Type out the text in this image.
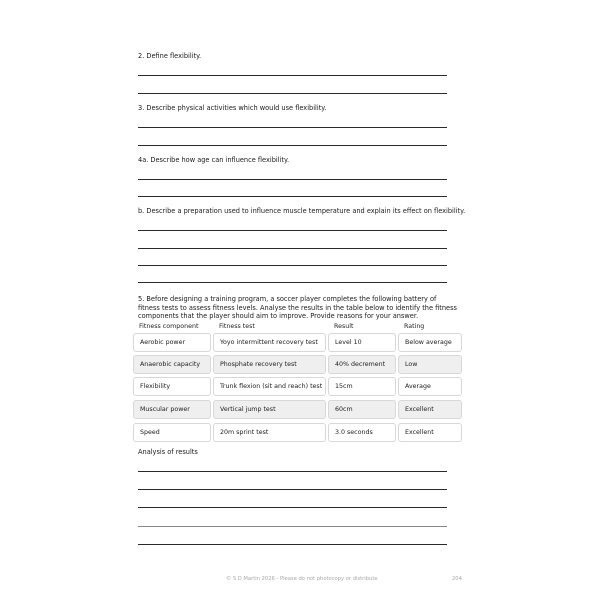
2. Define flexibility.
3. Describe physical activities which would use flexibility.
4a. Describe how age can influence flexibility.
b. Describe a preparation used to influence muscle temperature and explain its effect on flexibility.
5. Before designing a training program, a soccer player completes the following battery of fitness tests to assess fitness levels. Analyse the results in the table below to identify the fitness components that the player should aim to improve. Provide reasons for your answer.
Fitness component	Fitness test	Result	Rating
Aerobic power	Yoyo intermittent recovery test	Level 10	Below average
Anaerobic capacity	Phosphate recovery test	40% decrement	Low
Flexibility	Trunk flexion (sit and reach) test	15cm	Average
Muscular power	Vertical jump test	60cm	Excellent
Speed	20m sprint test	3.0 seconds	Excellent
Analysis of results
© S D Martin 2026 - Please do not photocopy or distribute	204
